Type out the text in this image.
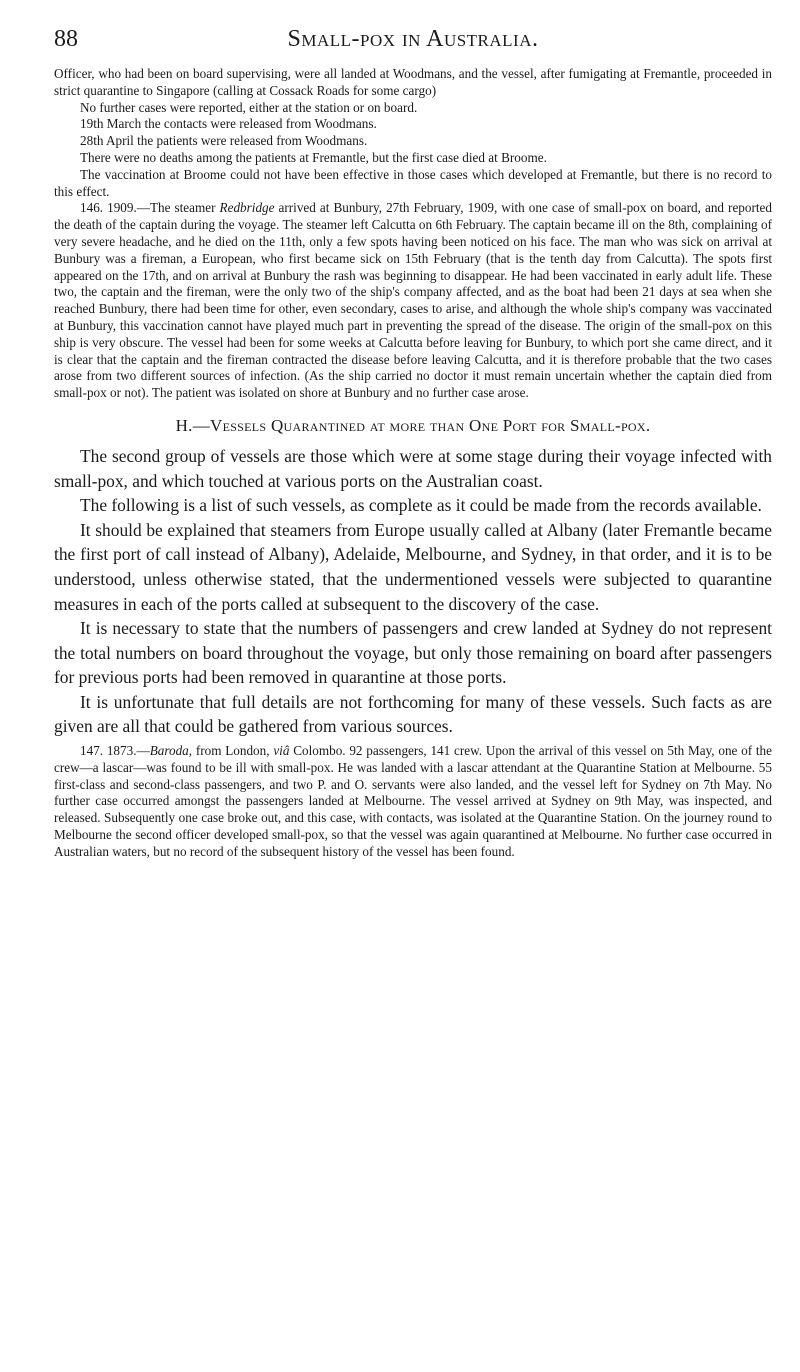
88	Small-pox in Australia.

Officer, who had been on board supervising, were all landed at Woodmans, and the vessel, after fumigating at Fremantle, proceeded in strict quarantine to Singapore (calling at Cossack Roads for some cargo)

No further cases were reported, either at the station or on board.

19th March the contacts were released from Woodmans.

28th April the patients were released from Woodmans.

There were no deaths among the patients at Fremantle, but the first case died at Broome.

The vaccination at Broome could not have been effective in those cases which developed at Fremantle, but there is no record to this effect.

146. 1909.—The steamer Redbridge arrived at Bunbury, 27th February, 1909, with one case of small-pox on board, and reported the death of the captain during the voyage. The steamer left Calcutta on 6th February. The captain became ill on the 8th, complaining of very severe headache, and he died on the 11th, only a few spots having been noticed on his face. The man who was sick on arrival at Bunbury was a fireman, a European, who first became sick on 15th February (that is the tenth day from Calcutta). The spots first appeared on the 17th, and on arrival at Bunbury the rash was beginning to disappear. He had been vaccinated in early adult life. These two, the captain and the fireman, were the only two of the ship's company affected, and as the boat had been 21 days at sea when she reached Bunbury, there had been time for other, even secondary, cases to arise, and although the whole ship's company was vaccinated at Bunbury, this vaccination cannot have played much part in preventing the spread of the disease. The origin of the small-pox on this ship is very obscure. The vessel had been for some weeks at Calcutta before leaving for Bunbury, to which port she came direct, and it is clear that the captain and the fireman contracted the disease before leaving Calcutta, and it is therefore probable that the two cases arose from two different sources of infection. (As the ship carried no doctor it must remain uncertain whether the captain died from small-pox or not). The patient was isolated on shore at Bunbury and no further case arose.

H.—Vessels Quarantined at more than One Port for Small-pox.

The second group of vessels are those which were at some stage during their voyage infected with small-pox, and which touched at various ports on the Australian coast.

The following is a list of such vessels, as complete as it could be made from the records available.

It should be explained that steamers from Europe usually called at Albany (later Fremantle became the first port of call instead of Albany), Adelaide, Melbourne, and Sydney, in that order, and it is to be understood, unless otherwise stated, that the undermentioned vessels were subjected to quarantine measures in each of the ports called at subsequent to the discovery of the case.

It is necessary to state that the numbers of passengers and crew landed at Sydney do not represent the total numbers on board throughout the voyage, but only those remaining on board after passengers for previous ports had been removed in quarantine at those ports.

It is unfortunate that full details are not forthcoming for many of these vessels. Such facts as are given are all that could be gathered from various sources.

147. 1873.—Baroda, from London, viâ Colombo. 92 passengers, 141 crew. Upon the arrival of this vessel on 5th May, one of the crew—a lascar—was found to be ill with small-pox. He was landed with a lascar attendant at the Quarantine Station at Melbourne. 55 first-class and second-class passengers, and two P. and O. servants were also landed, and the vessel left for Sydney on 7th May. No further case occurred amongst the passengers landed at Melbourne. The vessel arrived at Sydney on 9th May, was inspected, and released. Subsequently one case broke out, and this case, with contacts, was isolated at the Quarantine Station. On the journey round to Melbourne the second officer developed small-pox, so that the vessel was again quarantined at Melbourne. No further case occurred in Australian waters, but no record of the subsequent history of the vessel has been found.
